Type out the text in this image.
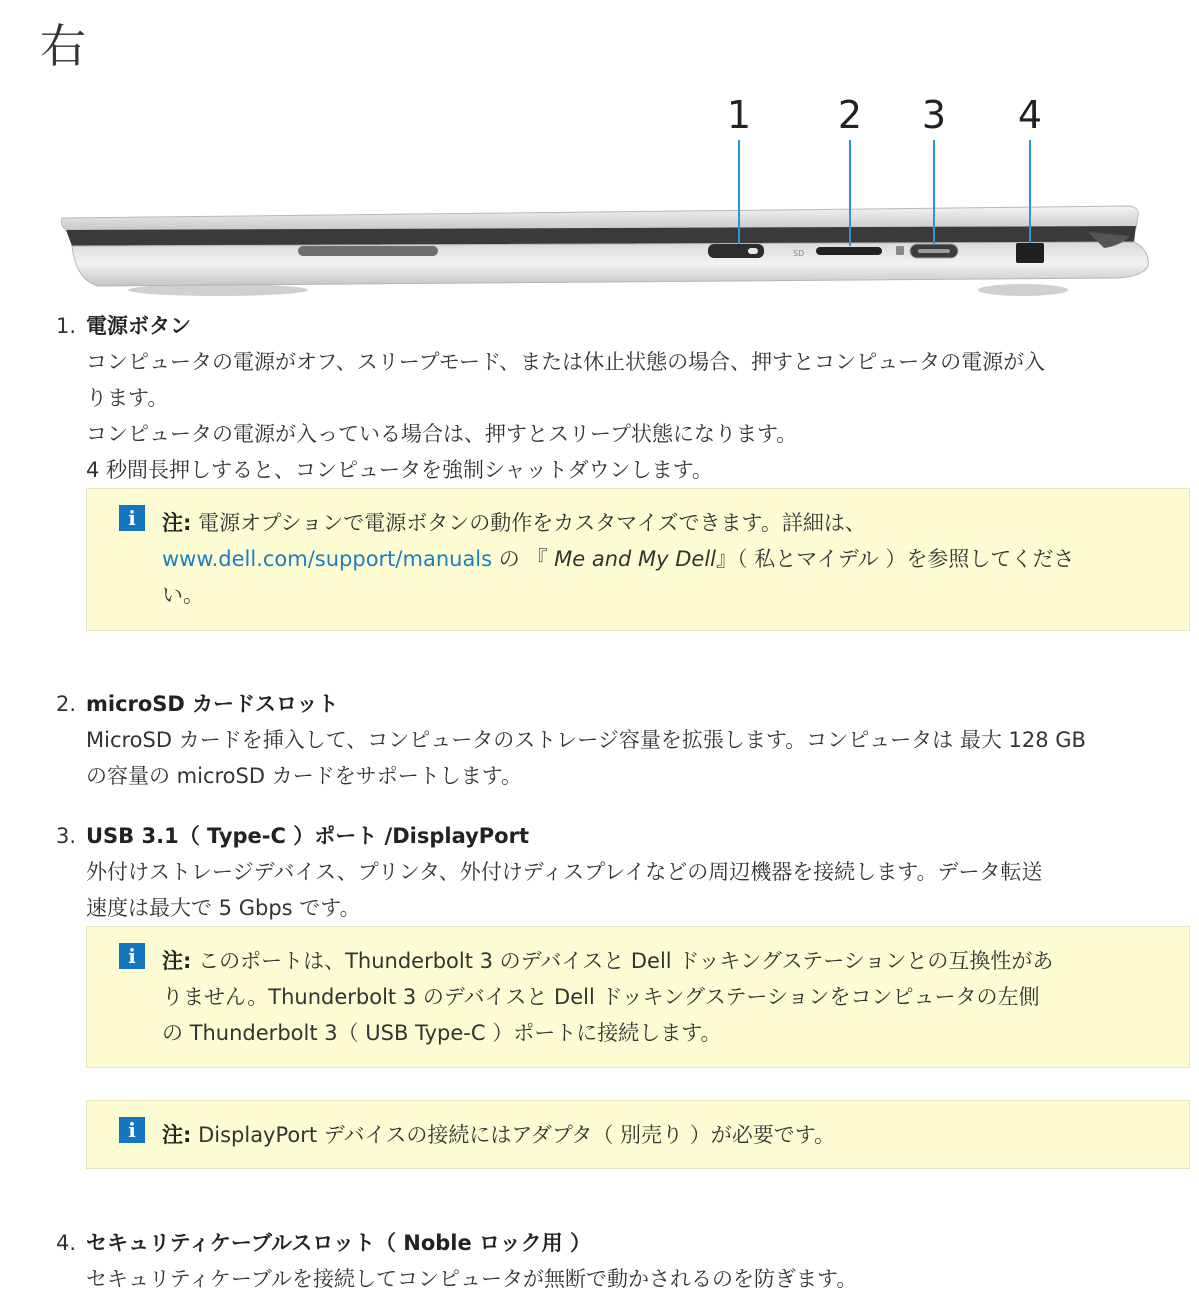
右
SD
1 2 3 4
1. 電源ボタン
コンピュータの電源がオフ、スリープモード、または休止状態の場合、押すとコンピュータの電源が入
ります。
コンピュータの電源が入っている場合は、押すとスリープ状態になります。
4 秒間長押しすると、コンピュータを強制シャットダウンします。
i	注: 電源オプションで電源ボタンの動作をカスタマイズできます。詳細は、
www.dell.com/support/manuals の 『 Me and My Dell』（ 私とマイデル ）を参照してくださ
い。
2. microSD カードスロット
MicroSD カードを挿入して、コンピュータのストレージ容量を拡張します。コンピュータは 最大 128 GB
の容量の microSD カードをサポートします。
3. USB 3.1（ Type-C ）ポート /DisplayPort
外付けストレージデバイス、プリンタ、外付けディスプレイなどの周辺機器を接続します。データ転送
速度は最大で 5 Gbps です。
i	注: このポートは、Thunderbolt 3 のデバイスと Dell ドッキングステーションとの互換性があ
りません。Thunderbolt 3 のデバイスと Dell ドッキングステーションをコンピュータの左側
の Thunderbolt 3（ USB Type-C ）ポートに接続します。
i	注: DisplayPort デバイスの接続にはアダプタ（ 別売り ）が必要です。
4. セキュリティケーブルスロット（ Noble ロック用 ）
セキュリティケーブルを接続してコンピュータが無断で動かされるのを防ぎます。
